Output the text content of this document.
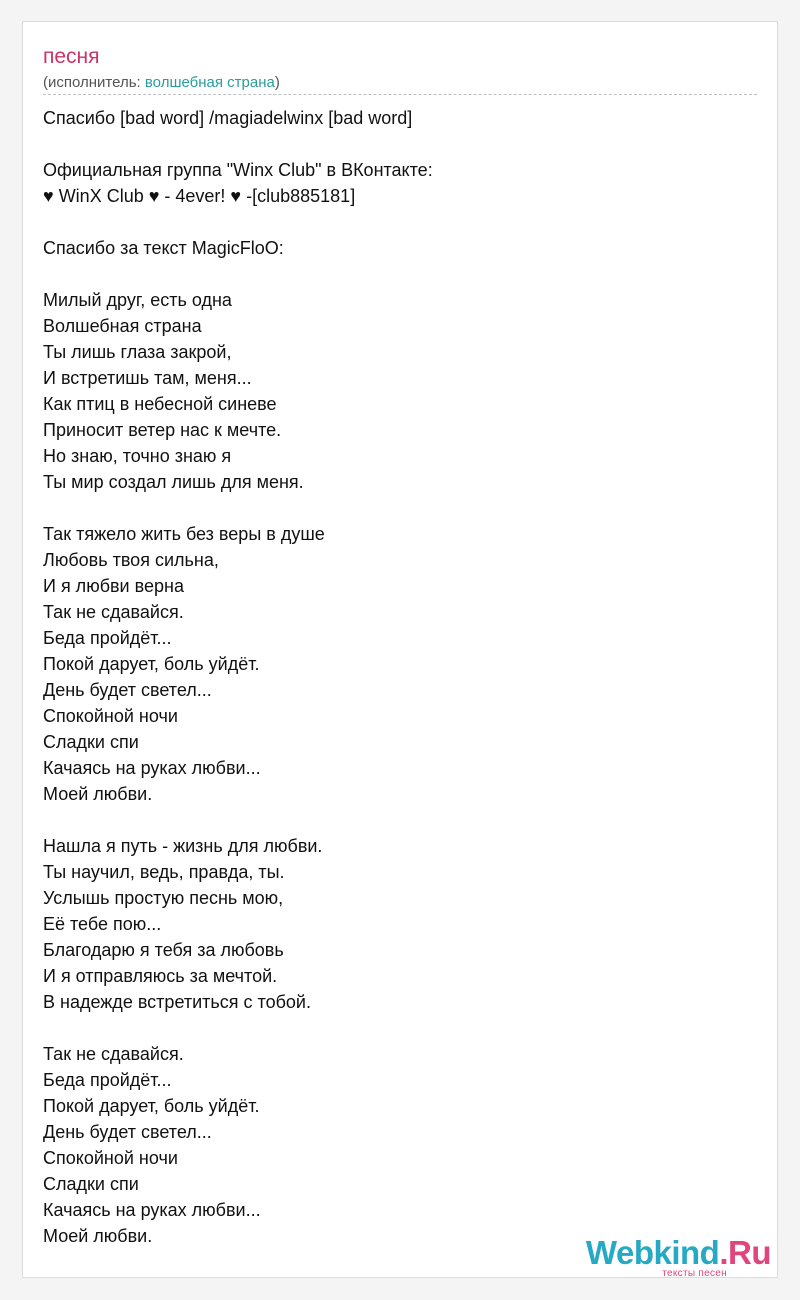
песня
(исполнитель: волшебная страна)
Спасибо [bad word] /magiadelwinx [bad word]

Официальная группа "Winx Club" в ВКонтакте:
♥ WinX Club ♥ - 4ever! ♥ -[club885181]

Спасибо за текст MagicFloO:

Милый друг, есть одна
Волшебная страна
Ты лишь глаза закрой,
И встретишь там, меня...
Как птиц в небесной синеве
Приносит ветер нас к мечте.
Но знаю, точно знаю я
Ты мир создал лишь для меня.

Так тяжело жить без веры в душе
Любовь твоя сильна,
И я любви верна
Так не сдавайся.
Беда пройдёт...
Покой дарует, боль уйдёт.
День будет светел...
Спокойной ночи
Сладки спи
Качаясь на руках любви...
Моей любви.

Нашла я путь - жизнь для любви.
Ты научил, ведь, правда, ты.
Услышь простую песнь мою,
Её тебе пою...
Благодарю я тебя за любовь
И я отправляюсь за мечтой.
В надежде встретиться с тобой.

Так не сдавайся.
Беда пройдёт...
Покой дарует, боль уйдёт.
День будет светел...
Спокойной ночи
Сладки спи
Качаясь на руках любви...
Моей любви.	Webkind.Ru
тексты песен
